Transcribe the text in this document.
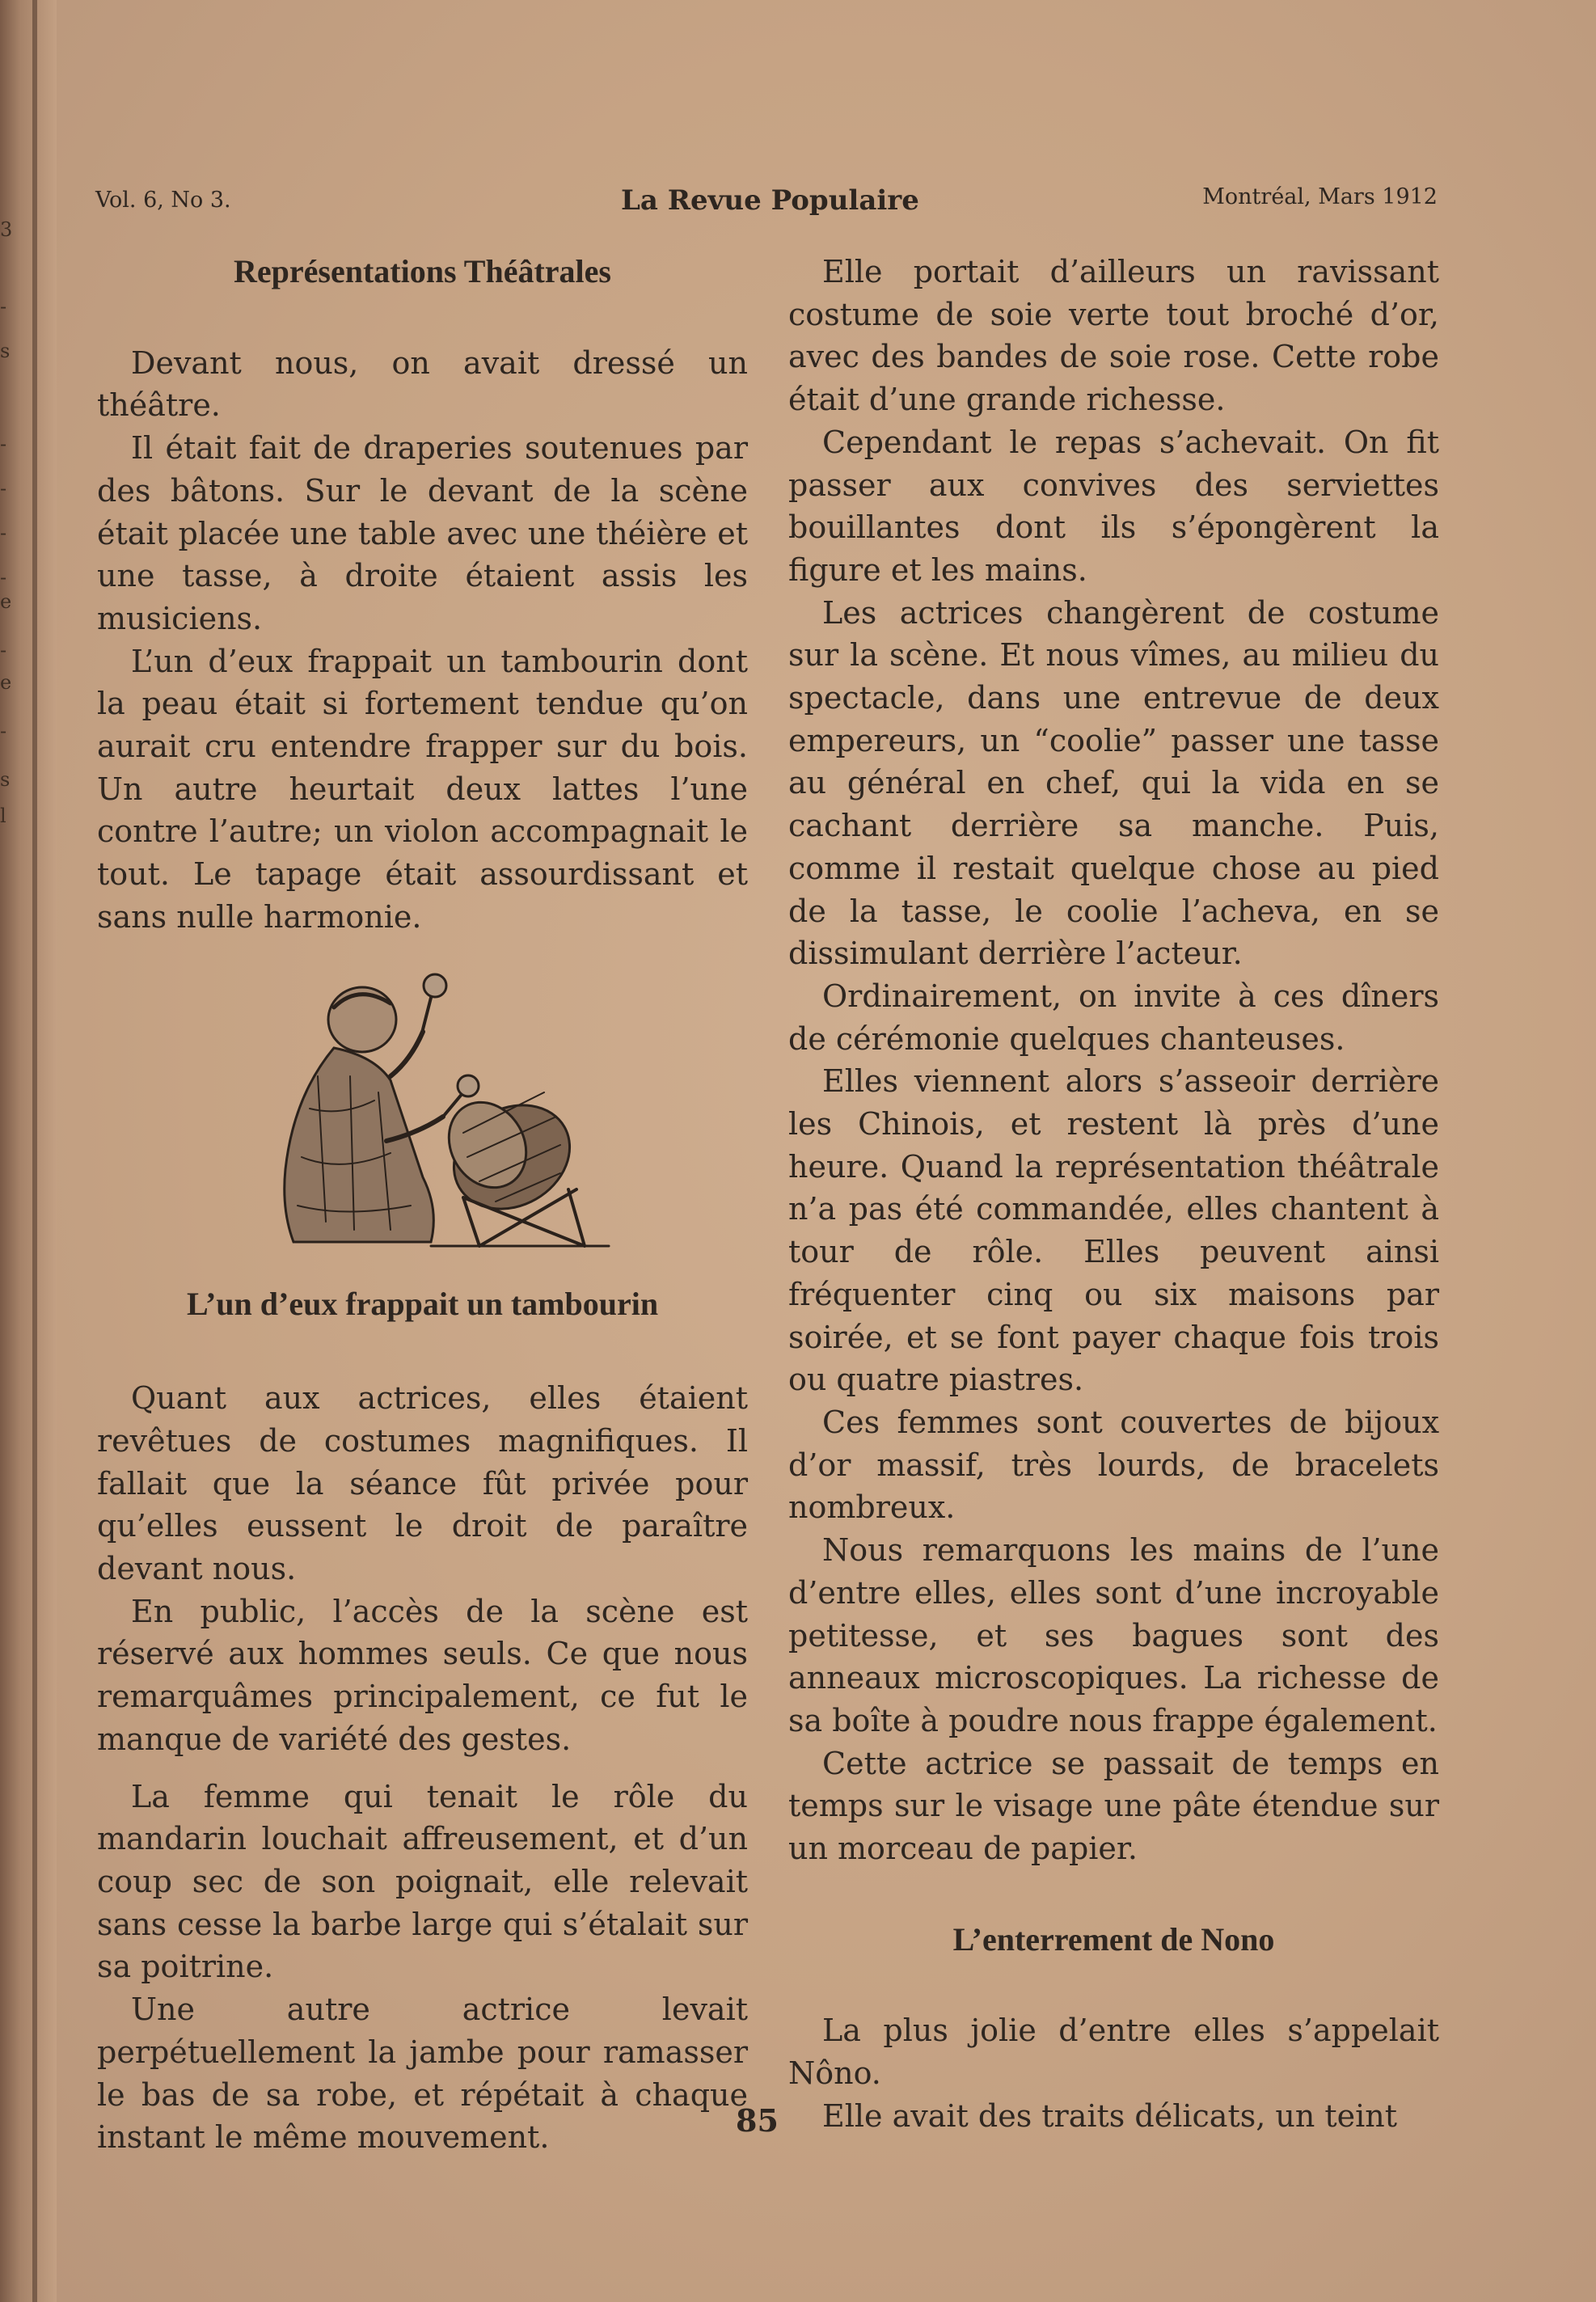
3
-
s
-
-
-
-
e
-
e
-
s
l
Vol. 6, No 3.	La Revue Populaire	Montréal, Mars 1912
Représentations Théâtrales

Devant nous, on avait dressé un théâtre.

Il était fait de draperies soutenues par des bâtons. Sur le devant de la scène était placée une table avec une théière et une tasse, à droite étaient assis les musiciens.

L’un d’eux frappait un tambourin dont la peau était si fortement tendue qu’on aurait cru entendre frapper sur du bois. Un autre heurtait deux lattes l’une contre l’autre; un violon accompagnait le tout. Le tapage était assourdissant et sans nulle harmonie.

L’un d’eux frappait un tambourin

Quant aux actrices, elles étaient revêtues de costumes magnifiques. Il fallait que la séance fût privée pour qu’elles eussent le droit de paraître devant nous.

En public, l’accès de la scène est réservé aux hommes seuls. Ce que nous remarquâmes principalement, ce fut le manque de variété des gestes.

La femme qui tenait le rôle du mandarin louchait affreusement, et d’un coup sec de son poignait, elle relevait sans cesse la barbe large qui s’étalait sur sa poitrine.

Une autre actrice levait perpétuellement la jambe pour ramasser le bas de sa robe, et répétait à chaque instant le même mouvement.

Elle portait d’ailleurs un ravissant costume de soie verte tout broché d’or, avec des bandes de soie rose. Cette robe était d’une grande richesse.

Cependant le repas s’achevait. On fit passer aux convives des serviettes bouillantes dont ils s’épongèrent la figure et les mains.

Les actrices changèrent de costume sur la scène. Et nous vîmes, au milieu du spectacle, dans une entrevue de deux empereurs, un “coolie” passer une tasse au général en chef, qui la vida en se cachant derrière sa manche. Puis, comme il restait quelque chose au pied de la tasse, le coolie l’acheva, en se dissimulant derrière l’acteur.

Ordinairement, on invite à ces dîners de cérémonie quelques chanteuses.

Elles viennent alors s’asseoir derrière les Chinois, et restent là près d’une heure. Quand la représentation théâtrale n’a pas été commandée, elles chantent à tour de rôle. Elles peuvent ainsi fréquenter cinq ou six maisons par soirée, et se font payer chaque fois trois ou quatre piastres.

Ces femmes sont couvertes de bijoux d’or massif, très lourds, de bracelets nombreux.

Nous remarquons les mains de l’une d’entre elles, elles sont d’une incroyable petitesse, et ses bagues sont des anneaux microscopiques. La richesse de sa boîte à poudre nous frappe également.

Cette actrice se passait de temps en temps sur le visage une pâte étendue sur un morceau de papier.

L’enterrement de Nono

La plus jolie d’entre elles s’appelait Nôno.

Elle avait des traits délicats, un teint

85
